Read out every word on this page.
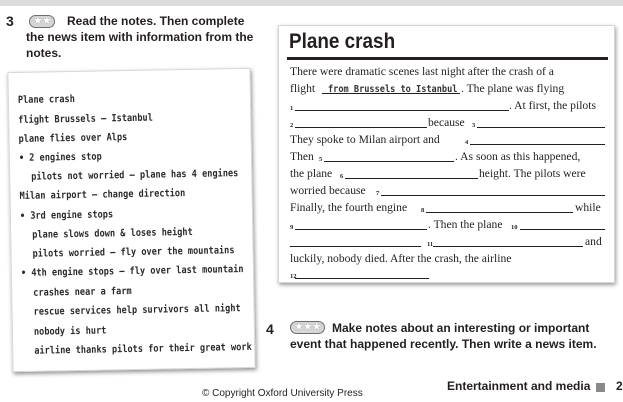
3	Read the notes. Then complete the news item with information from the notes.
★★
Plane crash
flight Brussels — Istanbul
plane flies over Alps
• 2 engines stop
pilots not worried — plane has 4 engines
Milan airport — change direction
• 3rd engine stops
plane slows down & loses height
pilots worried — fly over the mountains
• 4th engine stops — fly over last mountain
crashes near a farm
rescue services help survivors all night
nobody is hurt
airline thanks pilots for their great work
Plane crash
There were dramatic scenes last night after the crash of a
flight from Brussels to Istanbul . The plane was flying
1	. At first, the pilots
2	because 3
They spoke to Milan airport and	4
Then 5	. As soon as this happened,
the plane 6	height. The pilots were
worried because 7
Finally, the fourth engine 8	while
9	. Then the plane 10
11	and
luckily, nobody died. After the crash, the airline
12
4	Make notes about an interesting or important event that happened recently. Then write a news item.
★★★
Entertainment and media 2
© Copyright Oxford University Press
